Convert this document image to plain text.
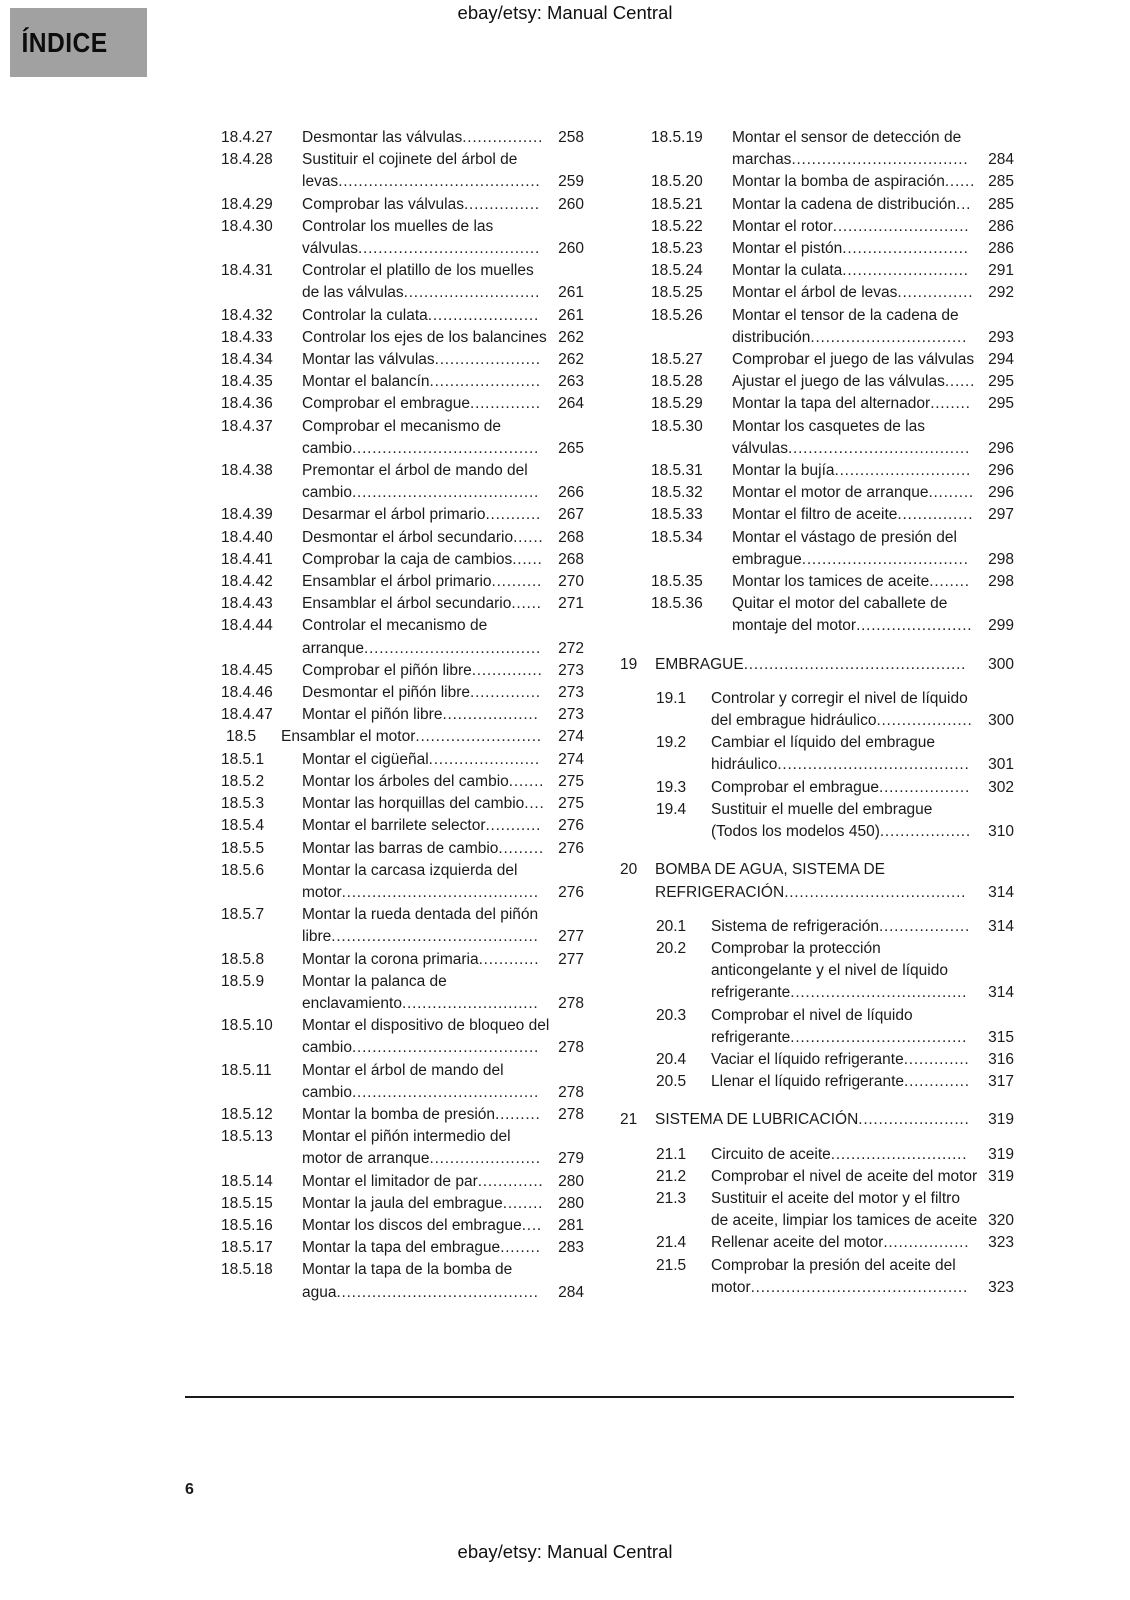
ebay/etsy: Manual Central
ÍNDICE
18.4.27	Desmontar las válvulas................ 258
18.4.28	Sustituir el cojinete del árbol de levas........................................ 259
18.4.29	Comprobar las válvulas............... 260
18.4.30	Controlar los muelles de las válvulas.................................... 260
18.4.31	Controlar el platillo de los muelles de las válvulas........................... 261
18.4.32	Controlar la culata...................... 261
18.4.33	Controlar los ejes de los balancines 262
18.4.34	Montar las válvulas..................... 262
18.4.35	Montar el balancín...................... 263
18.4.36	Comprobar el embrague.............. 264
18.4.37	Comprobar el mecanismo de cambio..................................... 265
18.4.38	Premontar el árbol de mando del cambio..................................... 266
18.4.39	Desarmar el árbol primario........... 267
18.4.40	Desmontar el árbol secundario...... 268
18.4.41	Comprobar la caja de cambios...... 268
18.4.42	Ensamblar el árbol primario.......... 270
18.4.43	Ensamblar el árbol secundario...... 271
18.4.44	Controlar el mecanismo de arranque................................... 272
18.4.45	Comprobar el piñón libre.............. 273
18.4.46	Desmontar el piñón libre.............. 273
18.4.47	Montar el piñón libre................... 273
18.5	Ensamblar el motor......................... 274
18.5.1	Montar el cigüeñal...................... 274
18.5.2	Montar los árboles del cambio....... 275
18.5.3	Montar las horquillas del cambio.... 275
18.5.4	Montar el barrilete selector........... 276
18.5.5	Montar las barras de cambio......... 276
18.5.6	Montar la carcasa izquierda del motor....................................... 276
18.5.7	Montar la rueda dentada del piñón libre......................................... 277
18.5.8	Montar la corona primaria............ 277
18.5.9	Montar la palanca de enclavamiento........................... 278
18.5.10	Montar el dispositivo de bloqueo del cambio..................................... 278
18.5.11	Montar el árbol de mando del cambio..................................... 278
18.5.12	Montar la bomba de presión......... 278
18.5.13	Montar el piñón intermedio del motor de arranque...................... 279
18.5.14	Montar el limitador de par............. 280
18.5.15	Montar la jaula del embrague........ 280
18.5.16	Montar los discos del embrague.... 281
18.5.17	Montar la tapa del embrague........ 283
18.5.18	Montar la tapa de la bomba de agua........................................ 284
18.5.19	Montar el sensor de detección de marchas................................... 284
18.5.20	Montar la bomba de aspiración...... 285
18.5.21	Montar la cadena de distribución... 285
18.5.22	Montar el rotor........................... 286
18.5.23	Montar el pistón......................... 286
18.5.24	Montar la culata......................... 291
18.5.25	Montar el árbol de levas............... 292
18.5.26	Montar el tensor de la cadena de distribución............................... 293
18.5.27	Comprobar el juego de las válvulas 294
18.5.28	Ajustar el juego de las válvulas...... 295
18.5.29	Montar la tapa del alternador........ 295
18.5.30	Montar los casquetes de las válvulas.................................... 296
18.5.31	Montar la bujía........................... 296
18.5.32	Montar el motor de arranque......... 296
18.5.33	Montar el filtro de aceite............... 297
18.5.34	Montar el vástago de presión del embrague................................. 298
18.5.35	Montar los tamices de aceite........ 298
18.5.36	Quitar el motor del caballete de montaje del motor....................... 299
19	EMBRAGUE............................................ 300
19.1	Controlar y corregir el nivel de líquido del embrague hidráulico................... 300
19.2	Cambiar el líquido del embrague hidráulico...................................... 301
19.3	Comprobar el embrague.................. 302
19.4	Sustituir el muelle del embrague (Todos los modelos 450).................. 310
20	BOMBA DE AGUA, SISTEMA DE REFRIGERACIÓN.................................... 314
20.1	Sistema de refrigeración.................. 314
20.2	Comprobar la protección anticongelante y el nivel de líquido refrigerante................................... 314
20.3	Comprobar el nivel de líquido refrigerante................................... 315
20.4	Vaciar el líquido refrigerante............. 316
20.5	Llenar el líquido refrigerante............. 317
21	SISTEMA DE LUBRICACIÓN...................... 319
21.1	Circuito de aceite........................... 319
21.2	Comprobar el nivel de aceite del motor 319
21.3	Sustituir el aceite del motor y el filtro de aceite, limpiar los tamices de aceite 320
21.4	Rellenar aceite del motor................. 323
21.5	Comprobar la presión del aceite del motor........................................... 323
6
ebay/etsy: Manual Central
